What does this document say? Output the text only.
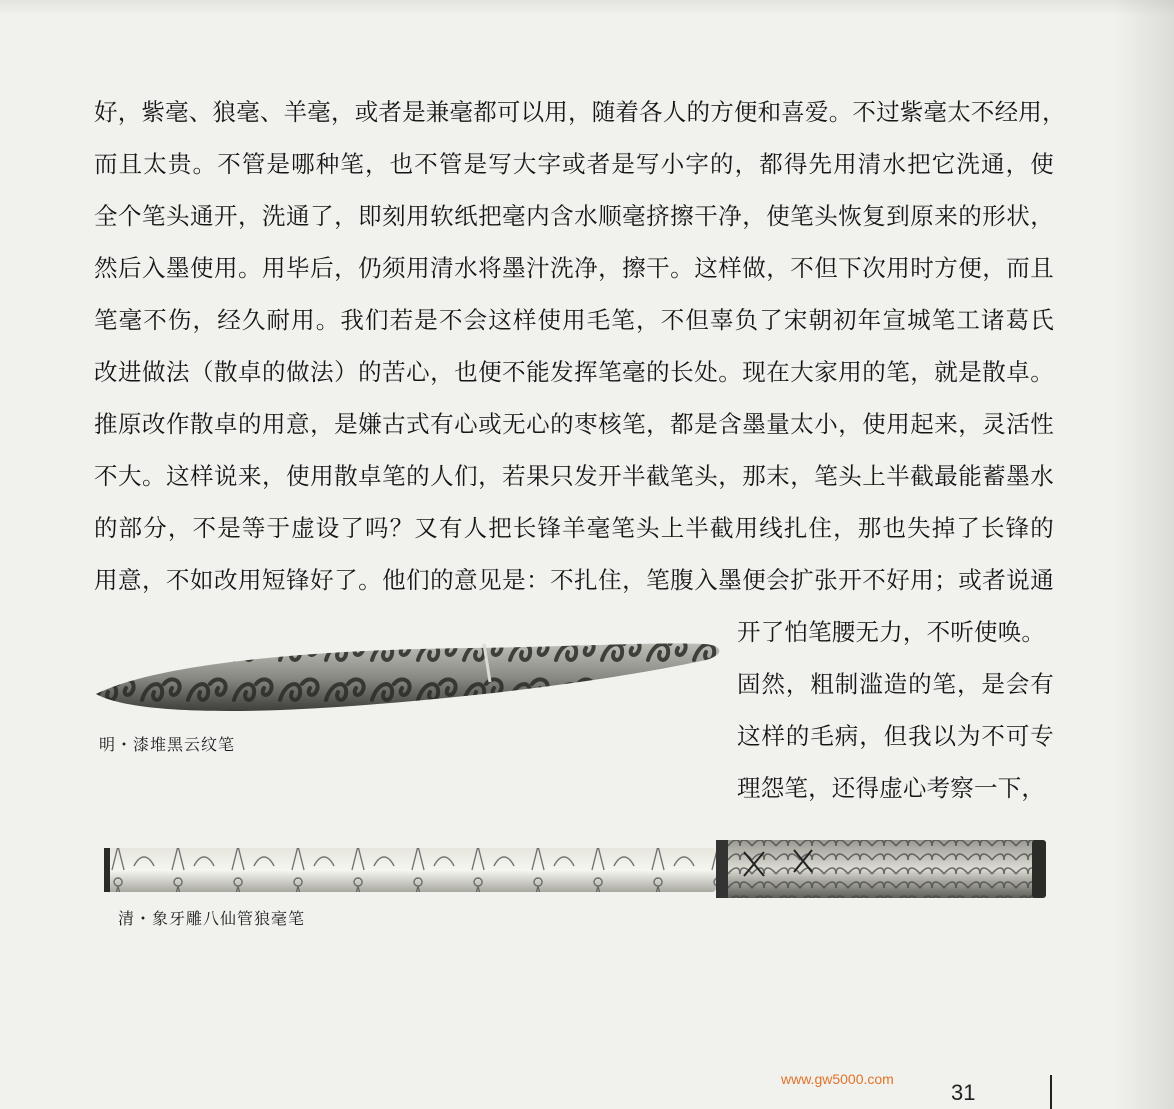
好，紫毫、狼毫、羊毫，或者是兼毫都可以用，随着各人的方便和喜爱。不过紫毫太不经用，
而且太贵。不管是哪种笔，也不管是写大字或者是写小字的，都得先用清水把它洗通，使
全个笔头通开，洗通了，即刻用软纸把毫内含水顺毫挤擦干净，使笔头恢复到原来的形状，
然后入墨使用。用毕后，仍须用清水将墨汁洗净，擦干。这样做，不但下次用时方便，而且
笔毫不伤，经久耐用。我们若是不会这样使用毛笔，不但辜负了宋朝初年宣城笔工诸葛氏
改进做法（散卓的做法）的苦心，也便不能发挥笔毫的长处。现在大家用的笔，就是散卓。
推原改作散卓的用意，是嫌古式有心或无心的枣核笔，都是含墨量太小，使用起来，灵活性
不大。这样说来，使用散卓笔的人们，若果只发开半截笔头，那末，笔头上半截最能蓄墨水
的部分，不是等于虚设了吗？又有人把长锋羊毫笔头上半截用线扎住，那也失掉了长锋的
用意，不如改用短锋好了。他们的意见是：不扎住，笔腹入墨便会扩张开不好用；或者说通
开了怕笔腰无力，不听使唤。
固然，粗制滥造的笔，是会有
这样的毛病，但我以为不可专
理怨笔，还得虚心考察一下，
明・漆堆黑云纹笔
清・象牙雕八仙管狼毫笔
www.gw5000.com
31
